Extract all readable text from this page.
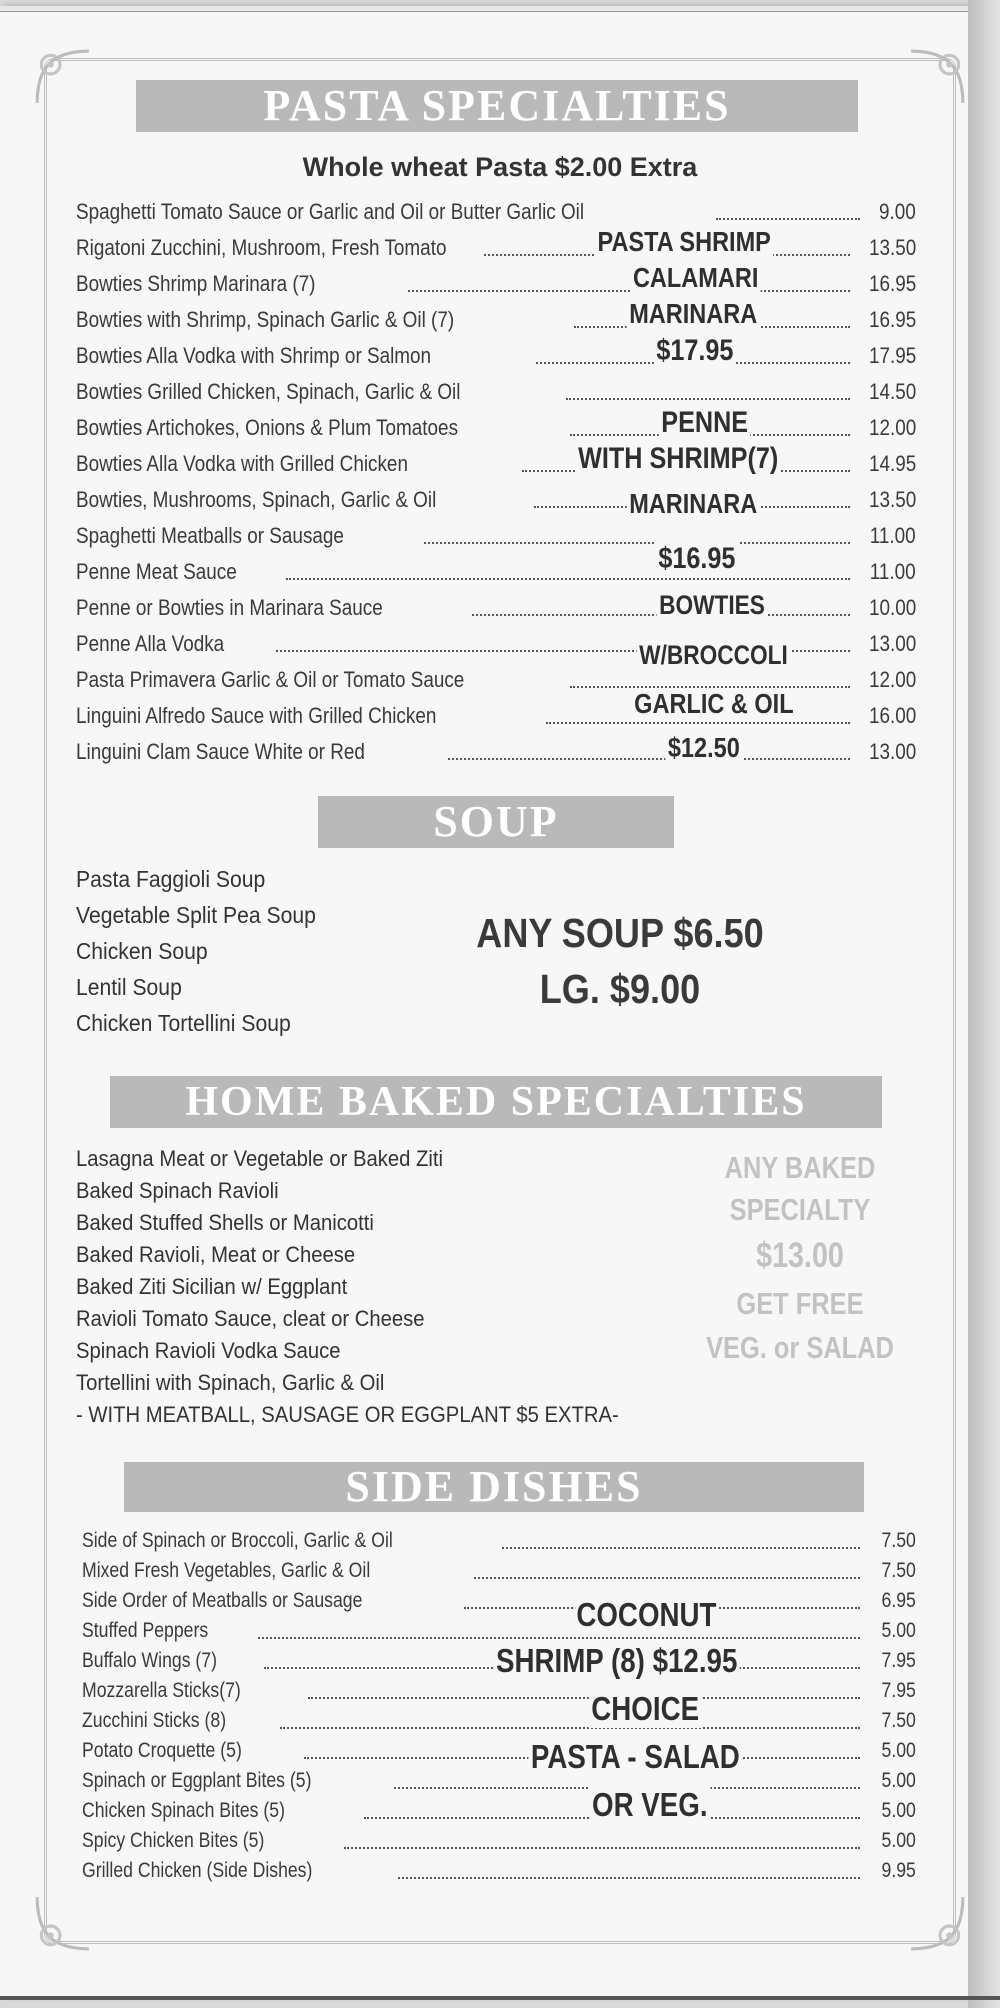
PASTA SPECIALTIES
Whole wheat Pasta $2.00 Extra
Spaghetti Tomato Sauce or Garlic and Oil or Butter Garlic Oil	9.00
Rigatoni Zucchini, Mushroom, Fresh Tomato	13.50
Bowties Shrimp Marinara (7)	16.95
Bowties with Shrimp, Spinach Garlic & Oil (7)	16.95
Bowties Alla Vodka with Shrimp or Salmon	17.95
Bowties Grilled Chicken, Spinach, Garlic & Oil	14.50
Bowties Artichokes, Onions & Plum Tomatoes	12.00
Bowties Alla Vodka with Grilled Chicken	14.95
Bowties, Mushrooms, Spinach, Garlic & Oil	13.50
Spaghetti Meatballs or Sausage	11.00
Penne Meat Sauce	11.00
Penne or Bowties in Marinara Sauce	10.00
Penne Alla Vodka	13.00
Pasta Primavera Garlic & Oil or Tomato Sauce	12.00
Linguini Alfredo Sauce with Grilled Chicken	16.00
Linguini Clam Sauce White or Red	13.00
PASTA SHRIMP
CALAMARI
MARINARA
$17.95
PENNE
WITH SHRIMP(7)
MARINARA
$16.95
BOWTIES
W/BROCCOLI
GARLIC & OIL
$12.50
SOUP
Pasta Faggioli Soup
Vegetable Split Pea Soup
Chicken Soup
Lentil Soup
Chicken Tortellini Soup
ANY SOUP $6.50
LG. $9.00
HOME BAKED SPECIALTIES
Lasagna Meat or Vegetable or Baked Ziti
Baked Spinach Ravioli
Baked Stuffed Shells or Manicotti
Baked Ravioli, Meat or Cheese
Baked Ziti Sicilian w/ Eggplant
Ravioli Tomato Sauce, cleat or Cheese
Spinach Ravioli Vodka Sauce
Tortellini with Spinach, Garlic & Oil
- WITH MEATBALL, SAUSAGE OR EGGPLANT $5 EXTRA-
ANY BAKED
SPECIALTY
$13.00
GET FREE
VEG. or SALAD
SIDE DISHES
Side of Spinach or Broccoli, Garlic & Oil	7.50
Mixed Fresh Vegetables, Garlic & Oil	7.50
Side Order of Meatballs or Sausage	6.95
Stuffed Peppers	5.00
Buffalo Wings (7)	7.95
Mozzarella Sticks(7)	7.95
Zucchini Sticks (8)	7.50
Potato Croquette (5)	5.00
Spinach or Eggplant Bites (5)	5.00
Chicken Spinach Bites (5)	5.00
Spicy Chicken Bites (5)	5.00
Grilled Chicken (Side Dishes)	9.95
COCONUT
SHRIMP (8) $12.95
CHOICE
PASTA - SALAD
OR VEG.
